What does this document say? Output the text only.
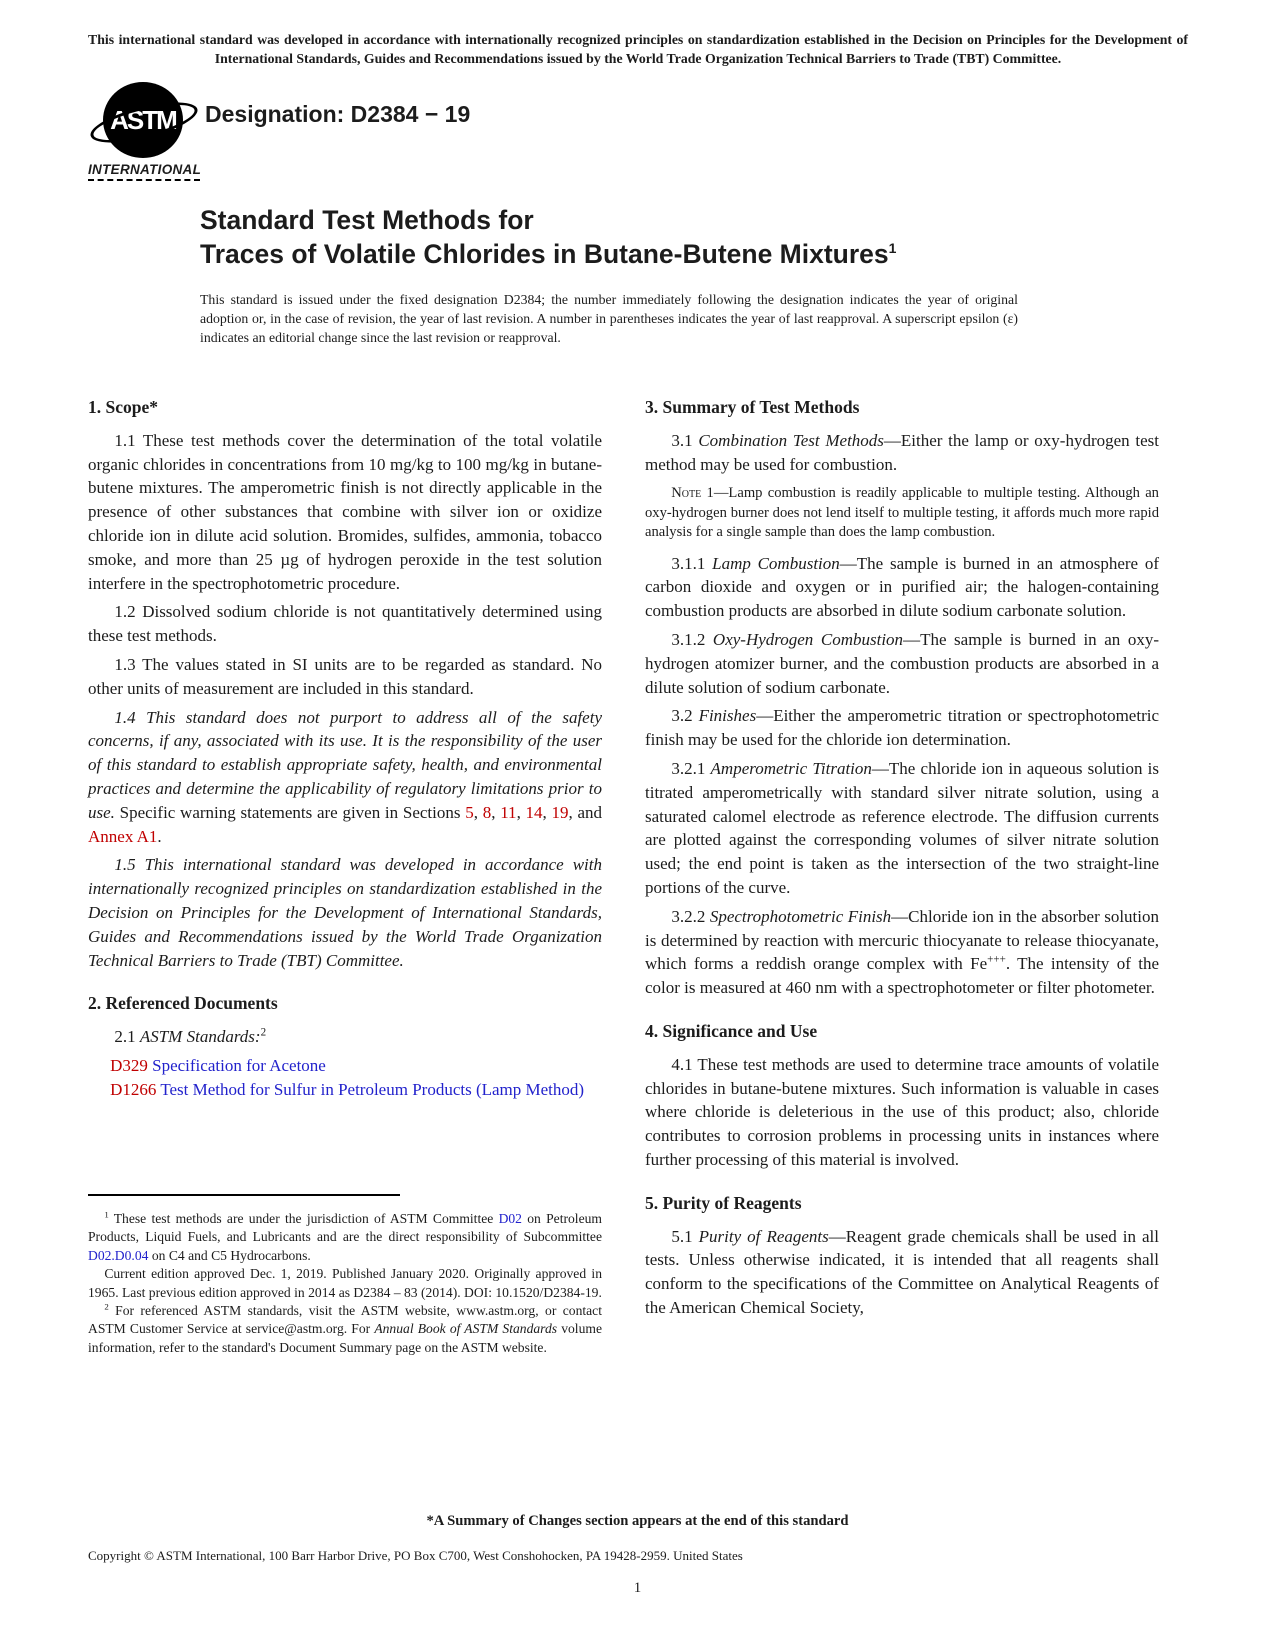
This international standard was developed in accordance with internationally recognized principles on standardization established in the Decision on Principles for the Development of International Standards, Guides and Recommendations issued by the World Trade Organization Technical Barriers to Trade (TBT) Committee.
ASTM
INTERNATIONAL
Designation: D2384 − 19
Standard Test Methods for
Traces of Volatile Chlorides in Butane-Butene Mixtures$^1$
This standard is issued under the fixed designation D2384; the number immediately following the designation indicates the year of original adoption or, in the case of revision, the year of last revision. A number in parentheses indicates the year of last reapproval. A superscript epsilon (ε) indicates an editorial change since the last revision or reapproval.
1. Scope*

1.1 These test methods cover the determination of the total volatile organic chlorides in concentrations from 10 mg/kg to 100 mg/kg in butane-butene mixtures. The amperometric finish is not directly applicable in the presence of other substances that combine with silver ion or oxidize chloride ion in dilute acid solution. Bromides, sulfides, ammonia, tobacco smoke, and more than 25 µg of hydrogen peroxide in the test solution interfere in the spectrophotometric procedure.

1.2 Dissolved sodium chloride is not quantitatively determined using these test methods.

1.3 The values stated in SI units are to be regarded as standard. No other units of measurement are included in this standard.

1.4 This standard does not purport to address all of the safety concerns, if any, associated with its use. It is the responsibility of the user of this standard to establish appropriate safety, health, and environmental practices and determine the applicability of regulatory limitations prior to use. Specific warning statements are given in Sections 5, 8, 11, 14, 19, and Annex A1.

1.5 This international standard was developed in accordance with internationally recognized principles on standardization established in the Decision on Principles for the Development of International Standards, Guides and Recommendations issued by the World Trade Organization Technical Barriers to Trade (TBT) Committee.

2. Referenced Documents

2.1 ASTM Standards:$^2$

D329 Specification for Acetone

D1266 Test Method for Sulfur in Petroleum Products (Lamp Method)

3. Summary of Test Methods

3.1 Combination Test Methods—Either the lamp or oxy-hydrogen test method may be used for combustion.

Note 1—Lamp combustion is readily applicable to multiple testing. Although an oxy-hydrogen burner does not lend itself to multiple testing, it affords much more rapid analysis for a single sample than does the lamp combustion.

3.1.1 Lamp Combustion—The sample is burned in an atmosphere of carbon dioxide and oxygen or in purified air; the halogen-containing combustion products are absorbed in dilute sodium carbonate solution.

3.1.2 Oxy-Hydrogen Combustion—The sample is burned in an oxy-hydrogen atomizer burner, and the combustion products are absorbed in a dilute solution of sodium carbonate.

3.2 Finishes—Either the amperometric titration or spectrophotometric finish may be used for the chloride ion determination.

3.2.1 Amperometric Titration—The chloride ion in aqueous solution is titrated amperometrically with standard silver nitrate solution, using a saturated calomel electrode as reference electrode. The diffusion currents are plotted against the corresponding volumes of silver nitrate solution used; the end point is taken as the intersection of the two straight-line portions of the curve.

3.2.2 Spectrophotometric Finish—Chloride ion in the absorber solution is determined by reaction with mercuric thiocyanate to release thiocyanate, which forms a reddish orange complex with Fe+++. The intensity of the color is measured at 460 nm with a spectrophotometer or filter photometer.

4. Significance and Use

4.1 These test methods are used to determine trace amounts of volatile chlorides in butane-butene mixtures. Such information is valuable in cases where chloride is deleterious in the use of this product; also, chloride contributes to corrosion problems in processing units in instances where further processing of this material is involved.

5. Purity of Reagents

5.1 Purity of Reagents—Reagent grade chemicals shall be used in all tests. Unless otherwise indicated, it is intended that all reagents shall conform to the specifications of the Committee on Analytical Reagents of the American Chemical Society,

$^1$ These test methods are under the jurisdiction of ASTM Committee D02 on Petroleum Products, Liquid Fuels, and Lubricants and are the direct responsibility of Subcommittee D02.D0.04 on C4 and C5 Hydrocarbons.

Current edition approved Dec. 1, 2019. Published January 2020. Originally approved in 1965. Last previous edition approved in 2014 as D2384 – 83 (2014). DOI: 10.1520/D2384-19.

$^2$ For referenced ASTM standards, visit the ASTM website, www.astm.org, or contact ASTM Customer Service at service@astm.org. For Annual Book of ASTM Standards volume information, refer to the standard's Document Summary page on the ASTM website.

*A Summary of Changes section appears at the end of this standard
Copyright © ASTM International, 100 Barr Harbor Drive, PO Box C700, West Conshohocken, PA 19428-2959. United States
1
